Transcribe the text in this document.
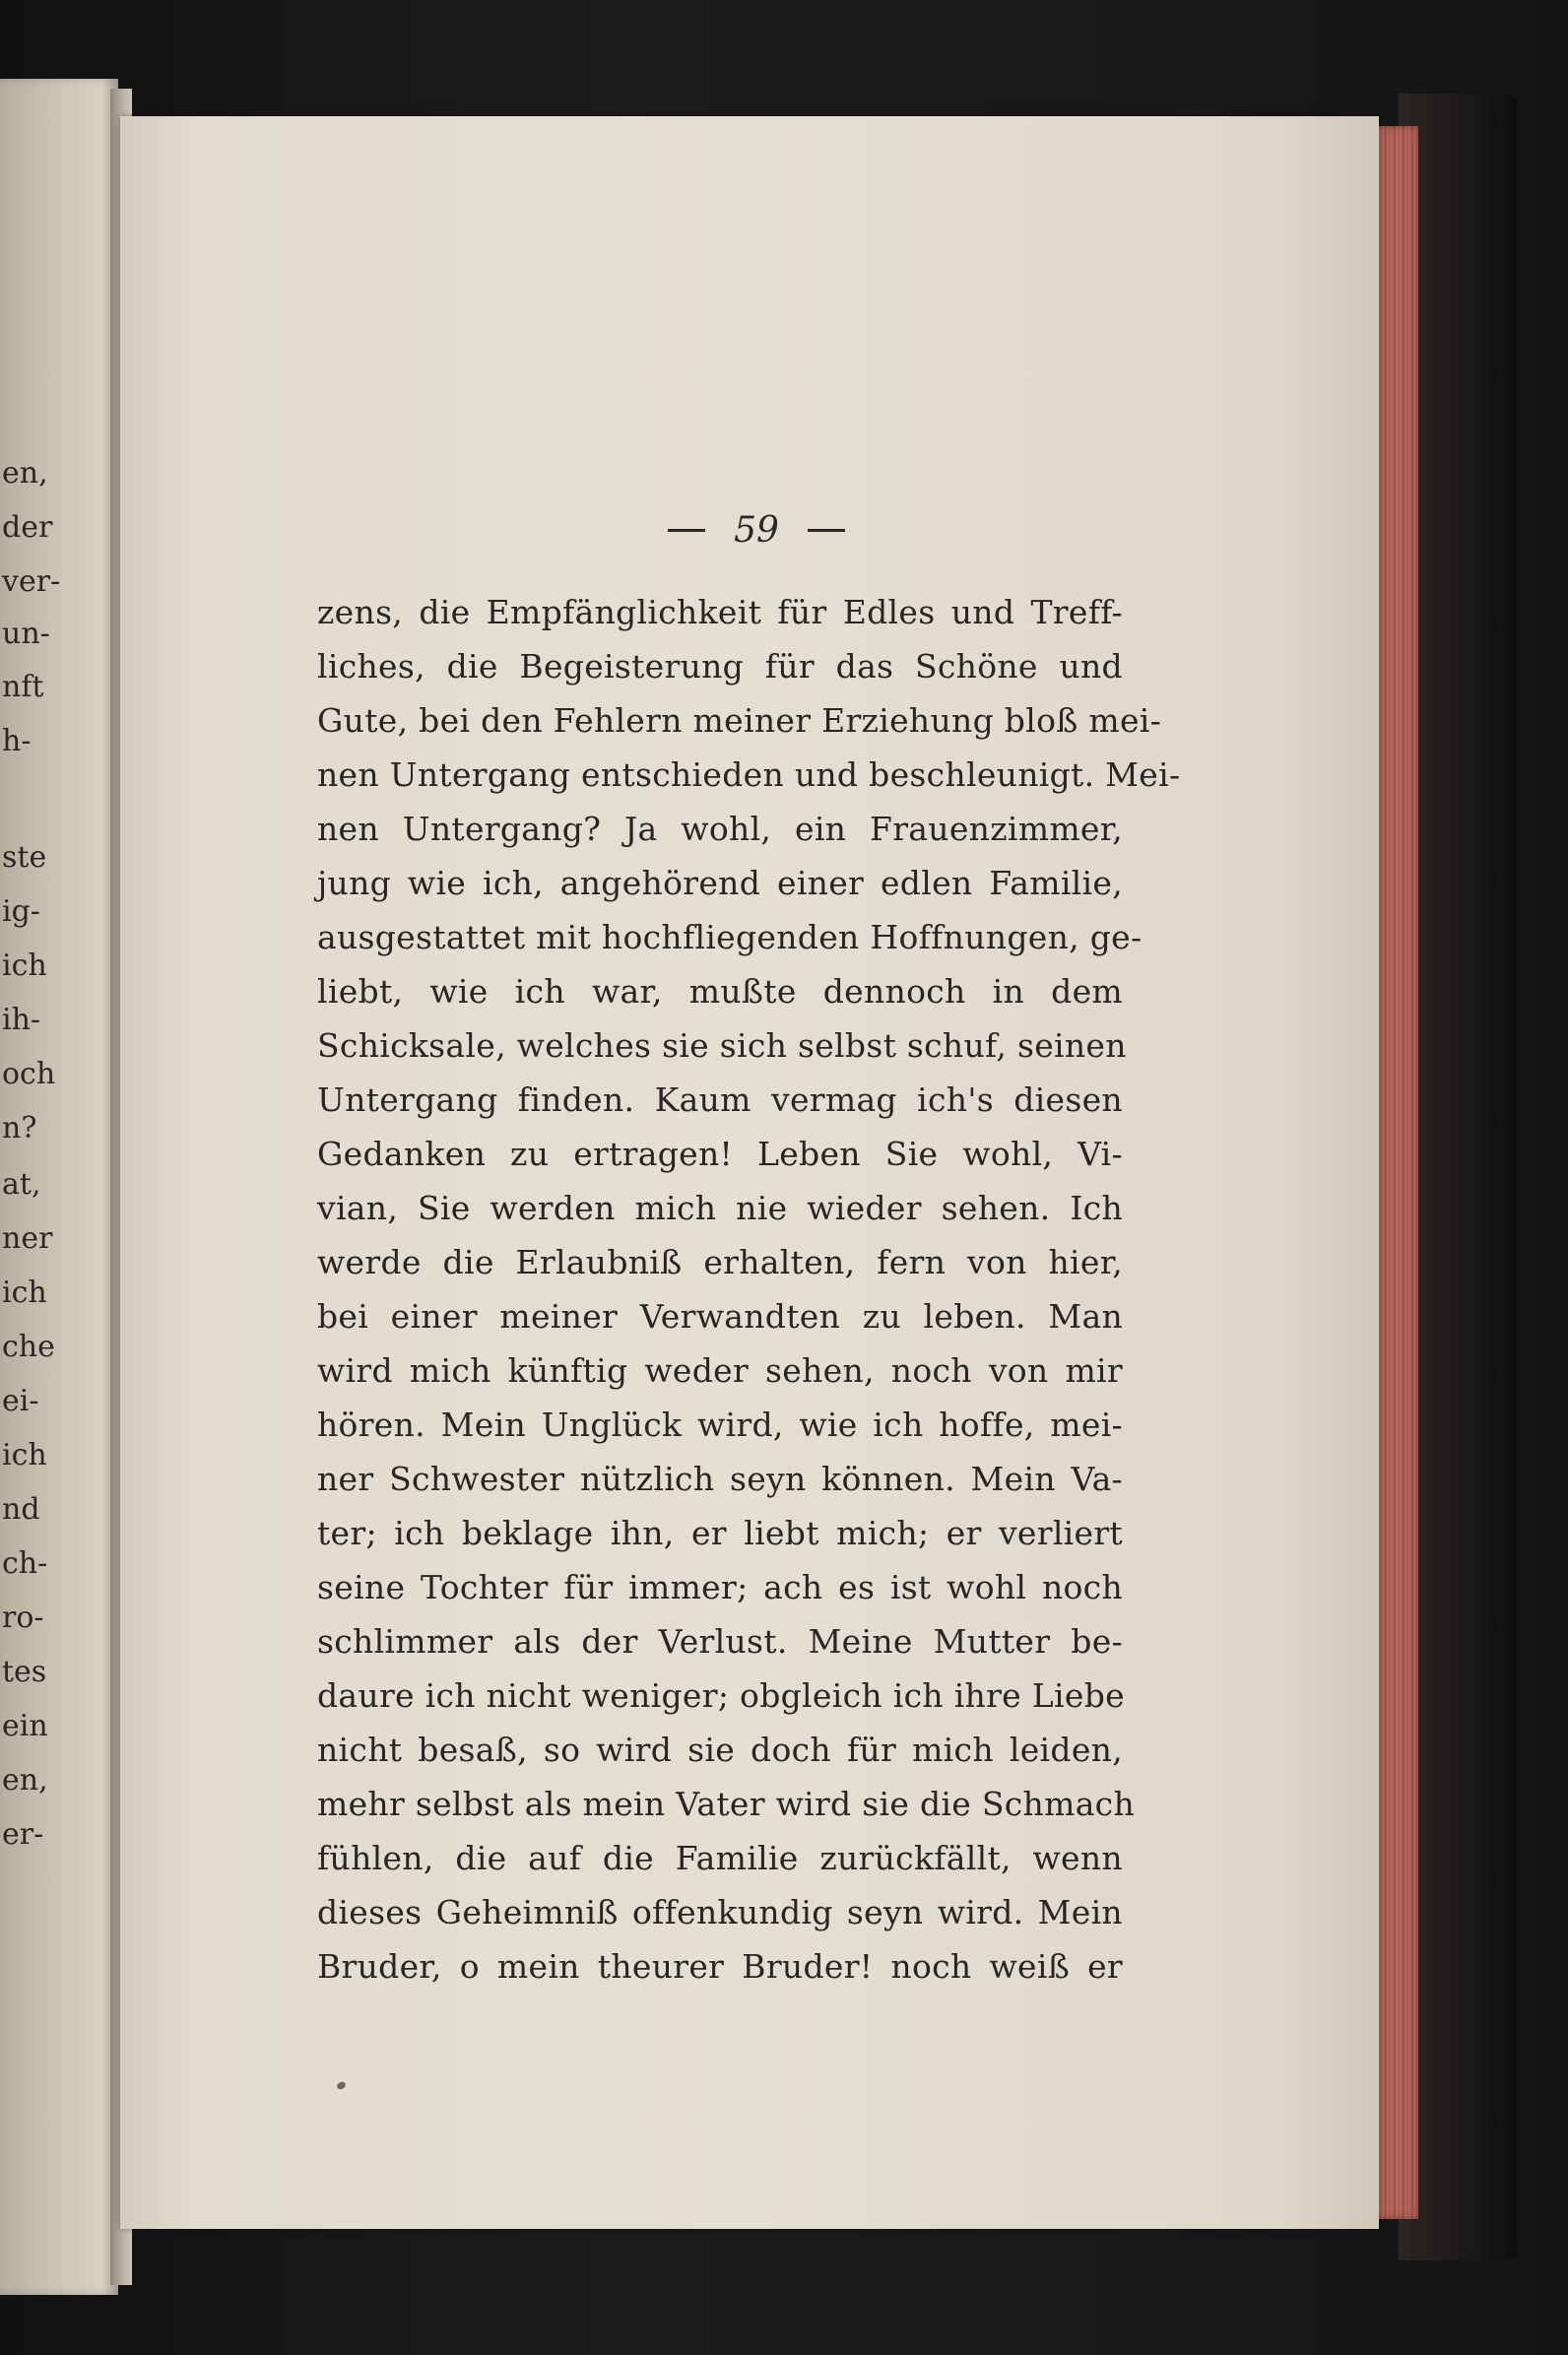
en,
der
ver-
un-
nft
h-
ste
ig-
ich
ih-
och
n?
at,
ner
ich
che
ei-
ich
nd
ch-
ro-
tes
ein
en,
er-
59
zens, die Empfänglichkeit für Edles und Treff-
liches, die Begeisterung für das Schöne und
Gute, bei den Fehlern meiner Erziehung bloß mei-
nen Untergang entschieden und beschleunigt. Mei-
nen Untergang? Ja wohl, ein Frauenzimmer,
jung wie ich, angehörend einer edlen Familie,
ausgestattet mit hochfliegenden Hoffnungen, ge-
liebt, wie ich war, mußte dennoch in dem
Schicksale, welches sie sich selbst schuf, seinen
Untergang finden. Kaum vermag ich's diesen
Gedanken zu ertragen! Leben Sie wohl, Vi-
vian, Sie werden mich nie wieder sehen. Ich
werde die Erlaubniß erhalten, fern von hier,
bei einer meiner Verwandten zu leben. Man
wird mich künftig weder sehen, noch von mir
hören. Mein Unglück wird, wie ich hoffe, mei-
ner Schwester nützlich seyn können. Mein Va-
ter; ich beklage ihn, er liebt mich; er verliert
seine Tochter für immer; ach es ist wohl noch
schlimmer als der Verlust. Meine Mutter be-
daure ich nicht weniger; obgleich ich ihre Liebe
nicht besaß, so wird sie doch für mich leiden,
mehr selbst als mein Vater wird sie die Schmach
fühlen, die auf die Familie zurückfällt, wenn
dieses Geheimniß offenkundig seyn wird. Mein
Bruder, o mein theurer Bruder! noch weiß er
